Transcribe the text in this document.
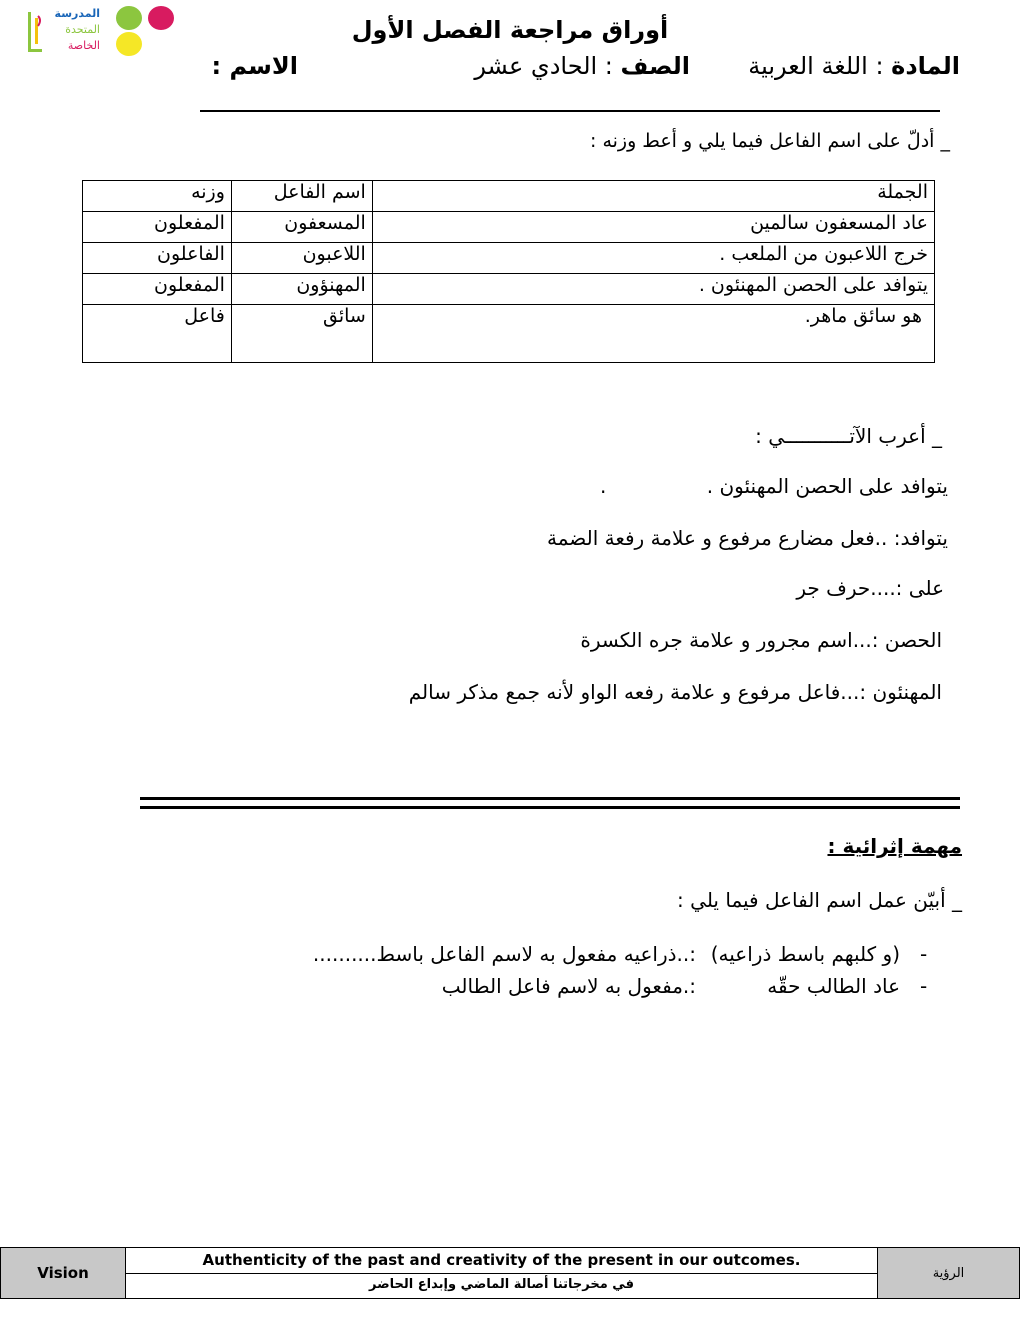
المدرسة
المتحدة
الخاصة
أوراق مراجعة الفصل الأول
المادة : اللغة العربية
الصف : الحادي عشر
الاسم :
_ أدلّ على اسم الفاعل فيما يلي و أعط وزنه :
الجملة	اسم الفاعل	وزنه
عاد المسعفون سالمين	المسعفون	المفعلون
خرج اللاعبون من الملعب .	اللاعبون	الفاعلون
يتوافد على الحصن المهنئون .	المهنؤون	المفعلون
هو سائق ماهر.	سائق	فاعل
_ أعرب الآتـــــــــــي :
يتوافد على الحصن المهنئون .
.
يتوافد: ..فعل مضارع مرفوع و علامة رفعة الضمة
على :....حرف جر
الحصن :...اسم مجرور و علامة جره الكسرة
المهنئون :...فاعل مرفوع و علامة رفعه الواو لأنه جمع مذكر سالم
مهمة إثرائية :
_ أبيّن عمل اسم الفاعل فيما يلي :
-
(و كلبهم باسط ذراعيه)
:..ذراعيه مفعول به لاسم الفاعل باسط..........
-
عاد الطالب حقّه
:.مفعول به لاسم فاعل الطالب
Vision
Authenticity of the past and creativity of the present in our outcomes.
في مخرجاتنا أصالة الماضي وإبداع الحاضر
الرؤية
